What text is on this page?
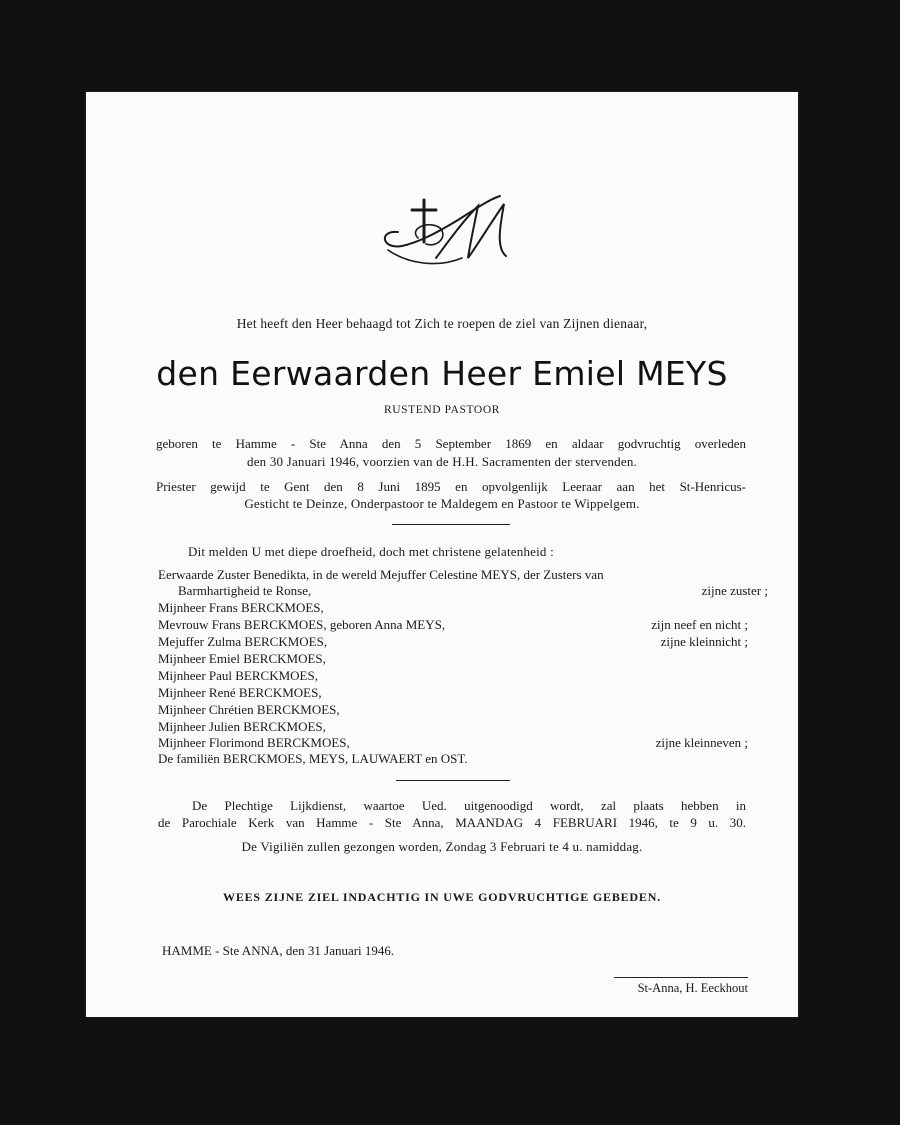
Het heeft den Heer behaagd tot Zich te roepen de ziel van Zijnen dienaar,
den Eerwaarden Heer Emiel MEYS
RUSTEND PASTOOR
geboren te Hamme - Ste Anna den 5 September 1869 en aldaar godvruchtig overleden
den 30 Januari 1946, voorzien van de H.H. Sacramenten der stervenden.
Priester gewijd te Gent den 8 Juni 1895 en opvolgenlijk Leeraar aan het St-Henricus-
Gesticht te Deinze, Onderpastoor te Maldegem en Pastoor te Wippelgem.
Dit melden U met diepe droefheid, doch met christene gelatenheid :
Eerwaarde Zuster Benedikta, in de wereld Mejuffer Celestine MEYS, der Zusters van
Barmhartigheid te Ronse,	zijne zuster ;
Mijnheer Frans BERCKMOES,
Mevrouw Frans BERCKMOES, geboren Anna MEYS,	zijn neef en nicht ;
Mejuffer Zulma BERCKMOES,	zijne kleinnicht ;
Mijnheer Emiel BERCKMOES,
Mijnheer Paul BERCKMOES,
Mijnheer René BERCKMOES,
Mijnheer Chrétien BERCKMOES,
Mijnheer Julien BERCKMOES,
Mijnheer Florimond BERCKMOES,	zijne kleinneven ;
De familiën BERCKMOES, MEYS, LAUWAERT en OST.
De Plechtige Lijkdienst, waartoe Ued. uitgenoodigd wordt, zal plaats hebben in
de Parochiale Kerk van Hamme - Ste Anna, MAANDAG 4 FEBRUARI 1946, te 9 u. 30.
De Vigiliën zullen gezongen worden, Zondag 3 Februari te 4 u. namiddag.
WEES ZIJNE ZIEL INDACHTIG IN UWE GODVRUCHTIGE GEBEDEN.
HAMME - Ste ANNA, den 31 Januari 1946.
St-Anna, H. Eeckhout
